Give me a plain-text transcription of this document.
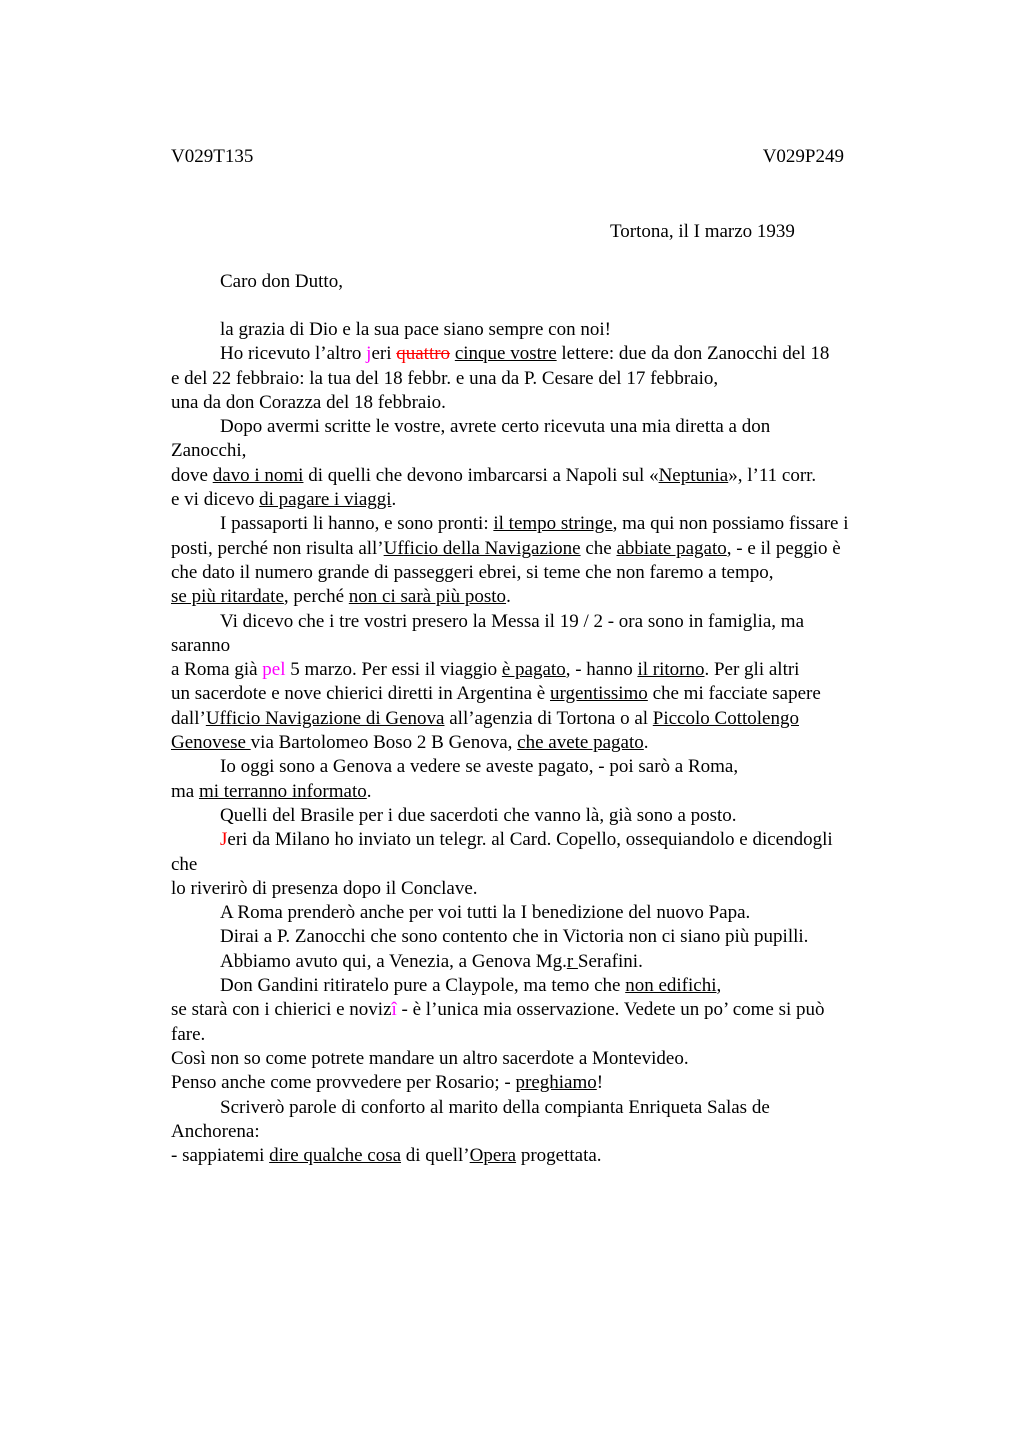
V029T135	V029P249
Tortona, il I marzo 1939
Caro don Dutto,
la grazia di Dio e la sua pace siano sempre con noi!
Ho ricevuto l’altro jeri quattro cinque vostre lettere: due da don Zanocchi del 18
e del 22 febbraio: la tua del 18 febbr. e una da P. Cesare del 17 febbraio,
una da don Corazza del 18 febbraio.
Dopo avermi scritte le vostre, avrete certo ricevuta una mia diretta a don
Zanocchi,
dove davo i nomi di quelli che devono imbarcarsi a Napoli sul «Neptunia», l’11 corr.
e vi dicevo di pagare i viaggi.
I passaporti li hanno, e sono pronti: il tempo stringe, ma qui non possiamo fissare i
posti, perché non risulta all’Ufficio della Navigazione che abbiate pagato, - e il peggio è
che dato il numero grande di passeggeri ebrei, si teme che non faremo a tempo,
se più ritardate, perché non ci sarà più posto.
Vi dicevo che i tre vostri presero la Messa il 19 / 2 - ora sono in famiglia, ma
saranno
a Roma già pel 5 marzo. Per essi il viaggio è pagato, - hanno il ritorno. Per gli altri
un sacerdote e nove chierici diretti in Argentina è urgentissimo che mi facciate sapere
dall’Ufficio Navigazione di Genova all’agenzia di Tortona o al Piccolo Cottolengo
Genovese via Bartolomeo Boso 2 B Genova, che avete pagato.
Io oggi sono a Genova a vedere se aveste pagato, - poi sarò a Roma,
ma mi terranno informato.
Quelli del Brasile per i due sacerdoti che vanno là, già sono a posto.
Jeri da Milano ho inviato un telegr. al Card. Copello, ossequiandolo e dicendogli
che
lo riverirò di presenza dopo il Conclave.
A Roma prenderò anche per voi tutti la I benedizione del nuovo Papa.
Dirai a P. Zanocchi che sono contento che in Victoria non ci siano più pupilli.
Abbiamo avuto qui, a Venezia, a Genova Mg.r Serafini.
Don Gandini ritiratelo pure a Claypole, ma temo che non edifichi,
se starà con i chierici e novizî - è l’unica mia osservazione. Vedete un po’ come si può
fare.
Così non so come potrete mandare un altro sacerdote a Montevideo.
Penso anche come provvedere per Rosario; - preghiamo!
Scriverò parole di conforto al marito della compianta Enriqueta Salas de
Anchorena:
- sappiatemi dire qualche cosa di quell’Opera progettata.
